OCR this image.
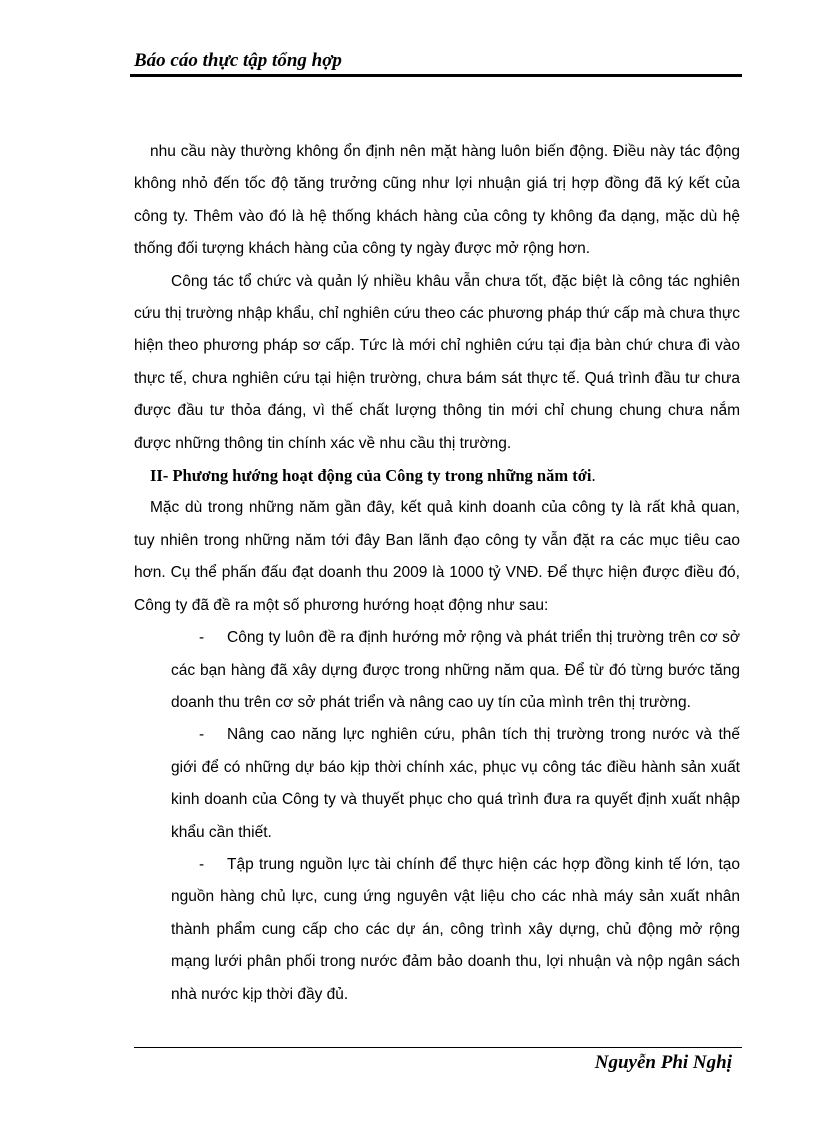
Báo cáo thực tập tổng hợp

nhu cầu này thường không ổn định nên mặt hàng luôn biến động. Điều này tác động không nhỏ đến tốc độ tăng trưởng cũng như lợi nhuận giá trị hợp đồng đã ký kết của công ty. Thêm vào đó là hệ thống khách hàng của công ty không đa dạng, mặc dù hệ thống đối tượng khách hàng của công ty ngày được mở rộng hơn.

Công tác tổ chức và quản lý nhiều khâu vẫn chưa tốt, đặc biệt là công tác nghiên cứu thị trường nhập khẩu, chỉ nghiên cứu theo các phương pháp thứ cấp mà chưa thực hiện theo phương pháp sơ cấp. Tức là mới chỉ nghiên cứu tại địa bàn chứ chưa đi vào thực tế, chưa nghiên cứu tại hiện trường, chưa bám sát thực tế. Quá trình đầu tư chưa được đầu tư thỏa đáng, vì thế chất lượng thông tin mới chỉ chung chung chưa nắm được những thông tin chính xác về nhu cầu thị trường.

II- Phương hướng hoạt động của Công ty trong những năm tới.

Mặc dù trong những năm gần đây, kết quả kinh doanh của công ty là rất khả quan, tuy nhiên trong những năm tới đây Ban lãnh đạo công ty vẫn đặt ra các mục tiêu cao hơn. Cụ thể phấn đấu đạt doanh thu 2009 là 1000 tỷ VNĐ. Để thực hiện được điều đó, Công ty đã đề ra một số phương hướng hoạt động như sau:

- Công ty luôn đề ra định hướng mở rộng và phát triển thị trường trên cơ sở các bạn hàng đã xây dựng được trong những năm qua. Để từ đó từng bước tăng doanh thu trên cơ sở phát triển và nâng cao uy tín của mình trên thị trường.
- Nâng cao năng lực nghiên cứu, phân tích thị trường trong nước và thế giới để có những dự báo kịp thời chính xác, phục vụ công tác điều hành sản xuất kinh doanh của Công ty và thuyết phục cho quá trình đưa ra quyết định xuất nhập khẩu cần thiết.
- Tập trung nguồn lực tài chính để thực hiện các hợp đồng kinh tế lớn, tạo nguồn hàng chủ lực, cung ứng nguyên vật liệu cho các nhà máy sản xuất nhân thành phẩm cung cấp cho các dự án, công trình xây dựng, chủ động mở rộng mạng lưới phân phối trong nước đảm bảo doanh thu, lợi nhuận và nộp ngân sách nhà nước kịp thời đầy đủ.
Nguyễn Phi Nghị
